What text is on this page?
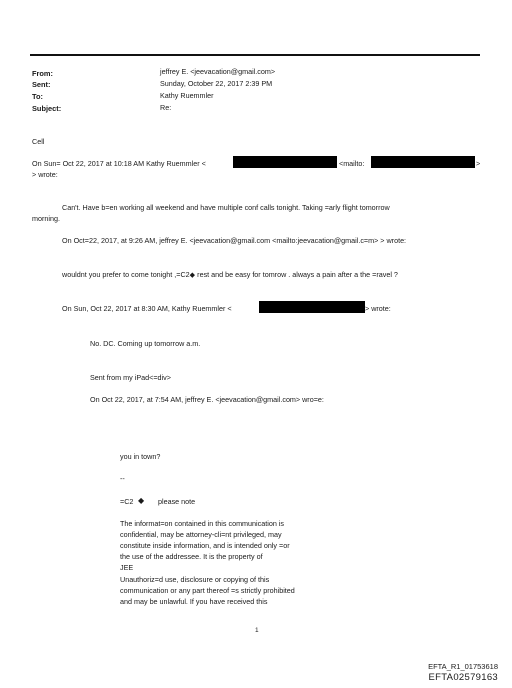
From:	jeffrey E. <jeevacation@gmail.com>
Sent:	Sunday, October 22, 2017 2:39 PM
To:	Kathy Ruemmler
Subject:	Re:
Cell
On Sun= Oct 22, 2017 at 10:18 AM Kathy Ruemmler <	<mailto:	>
> wrote:
Can't. Have b=en working all weekend and have multiple conf calls tonight. Taking =arly flight tomorrow
morning.
On Oct=22, 2017, at 9:26 AM, jeffrey E. <jeevacation@gmail.com <mailto:jeevacation@gmail.c=m> > wrote:
wouldnt you prefer to come tonight ,=C2◆ rest and be easy for tomrow . always a pain after a the =ravel ?
On Sun, Oct 22, 2017 at 8:30 AM, Kathy Ruemmler <	> wrote:
No. DC. Coming up tomorrow a.m.
Sent from my iPad<=div>
On Oct 22, 2017, at 7:54 AM, jeffrey E. <jeevacation@gmail.com> wro=e:
you in town?
--
=C2 ◆ please note
The informat=on contained in this communication is
confidential, may be attorney-cli=nt privileged, may
constitute inside information, and is intended only =or
the use of the addressee. It is the property of
JEE
Unauthoriz=d use, disclosure or copying of this
communication or any part thereof =s strictly prohibited
and may be unlawful. If you have received this
1
EFTA_R1_01753618
EFTA02579163
